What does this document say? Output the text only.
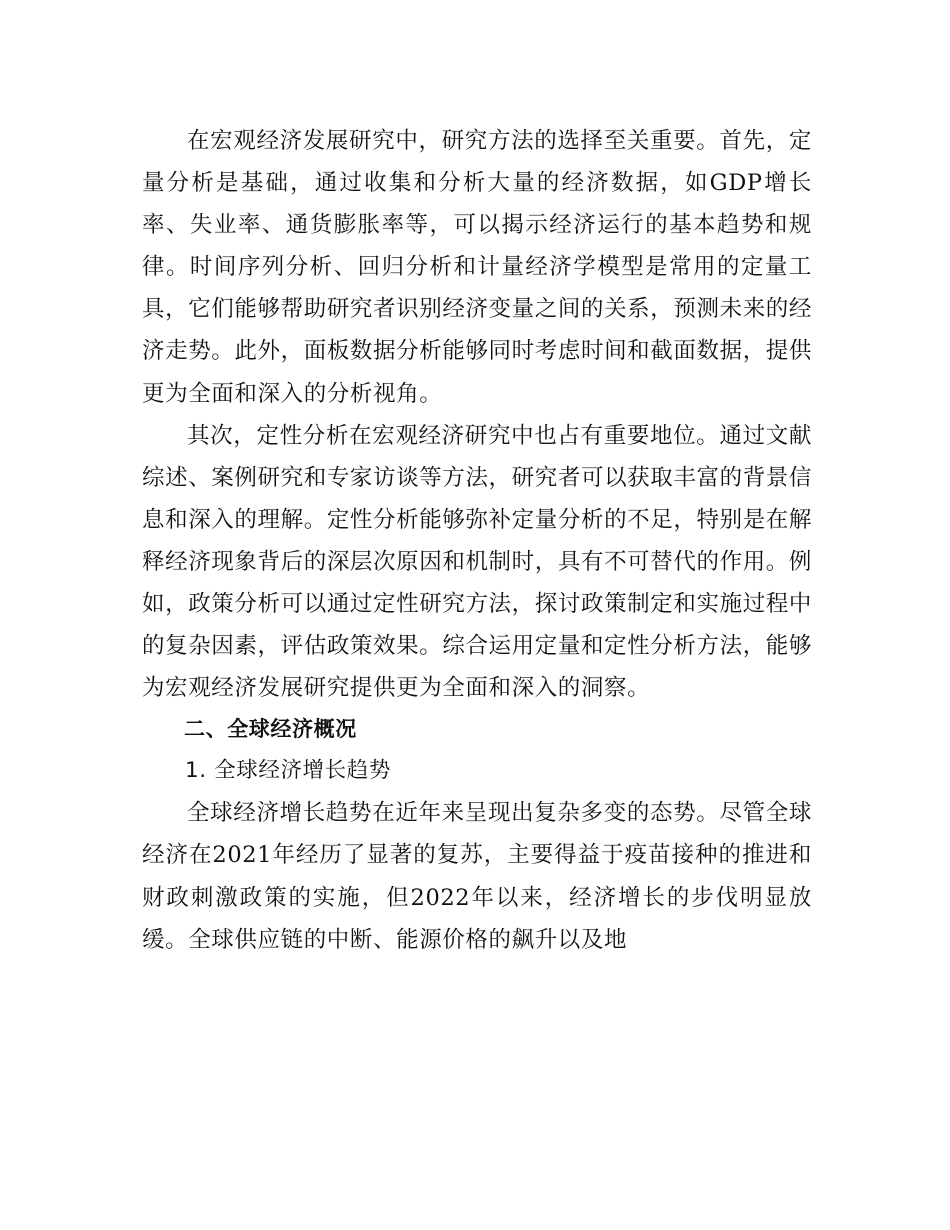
在宏观经济发展研究中，研究方法的选择至关重要。首先，定量分析是基础，通过收集和分析大量的经济数据，如GDP增长率、失业率、通货膨胀率等，可以揭示经济运行的基本趋势和规律。时间序列分析、回归分析和计量经济学模型是常用的定量工具，它们能够帮助研究者识别经济变量之间的关系，预测未来的经济走势。此外，面板数据分析能够同时考虑时间和截面数据，提供更为全面和深入的分析视角。

其次，定性分析在宏观经济研究中也占有重要地位。通过文献综述、案例研究和专家访谈等方法，研究者可以获取丰富的背景信息和深入的理解。定性分析能够弥补定量分析的不足，特别是在解释经济现象背后的深层次原因和机制时，具有不可替代的作用。例如，政策分析可以通过定性研究方法，探讨政策制定和实施过程中的复杂因素，评估政策效果。综合运用定量和定性分析方法，能够为宏观经济发展研究提供更为全面和深入的洞察。

二、全球经济概况
1. 全球经济增长趋势

全球经济增长趋势在近年来呈现出复杂多变的态势。尽管全球经济在2021年经历了显著的复苏，主要得益于疫苗接种的推进和财政刺激政策的实施，但2022年以来，经济增长的步伐明显放缓。全球供应链的中断、能源价格的飙升以及地
